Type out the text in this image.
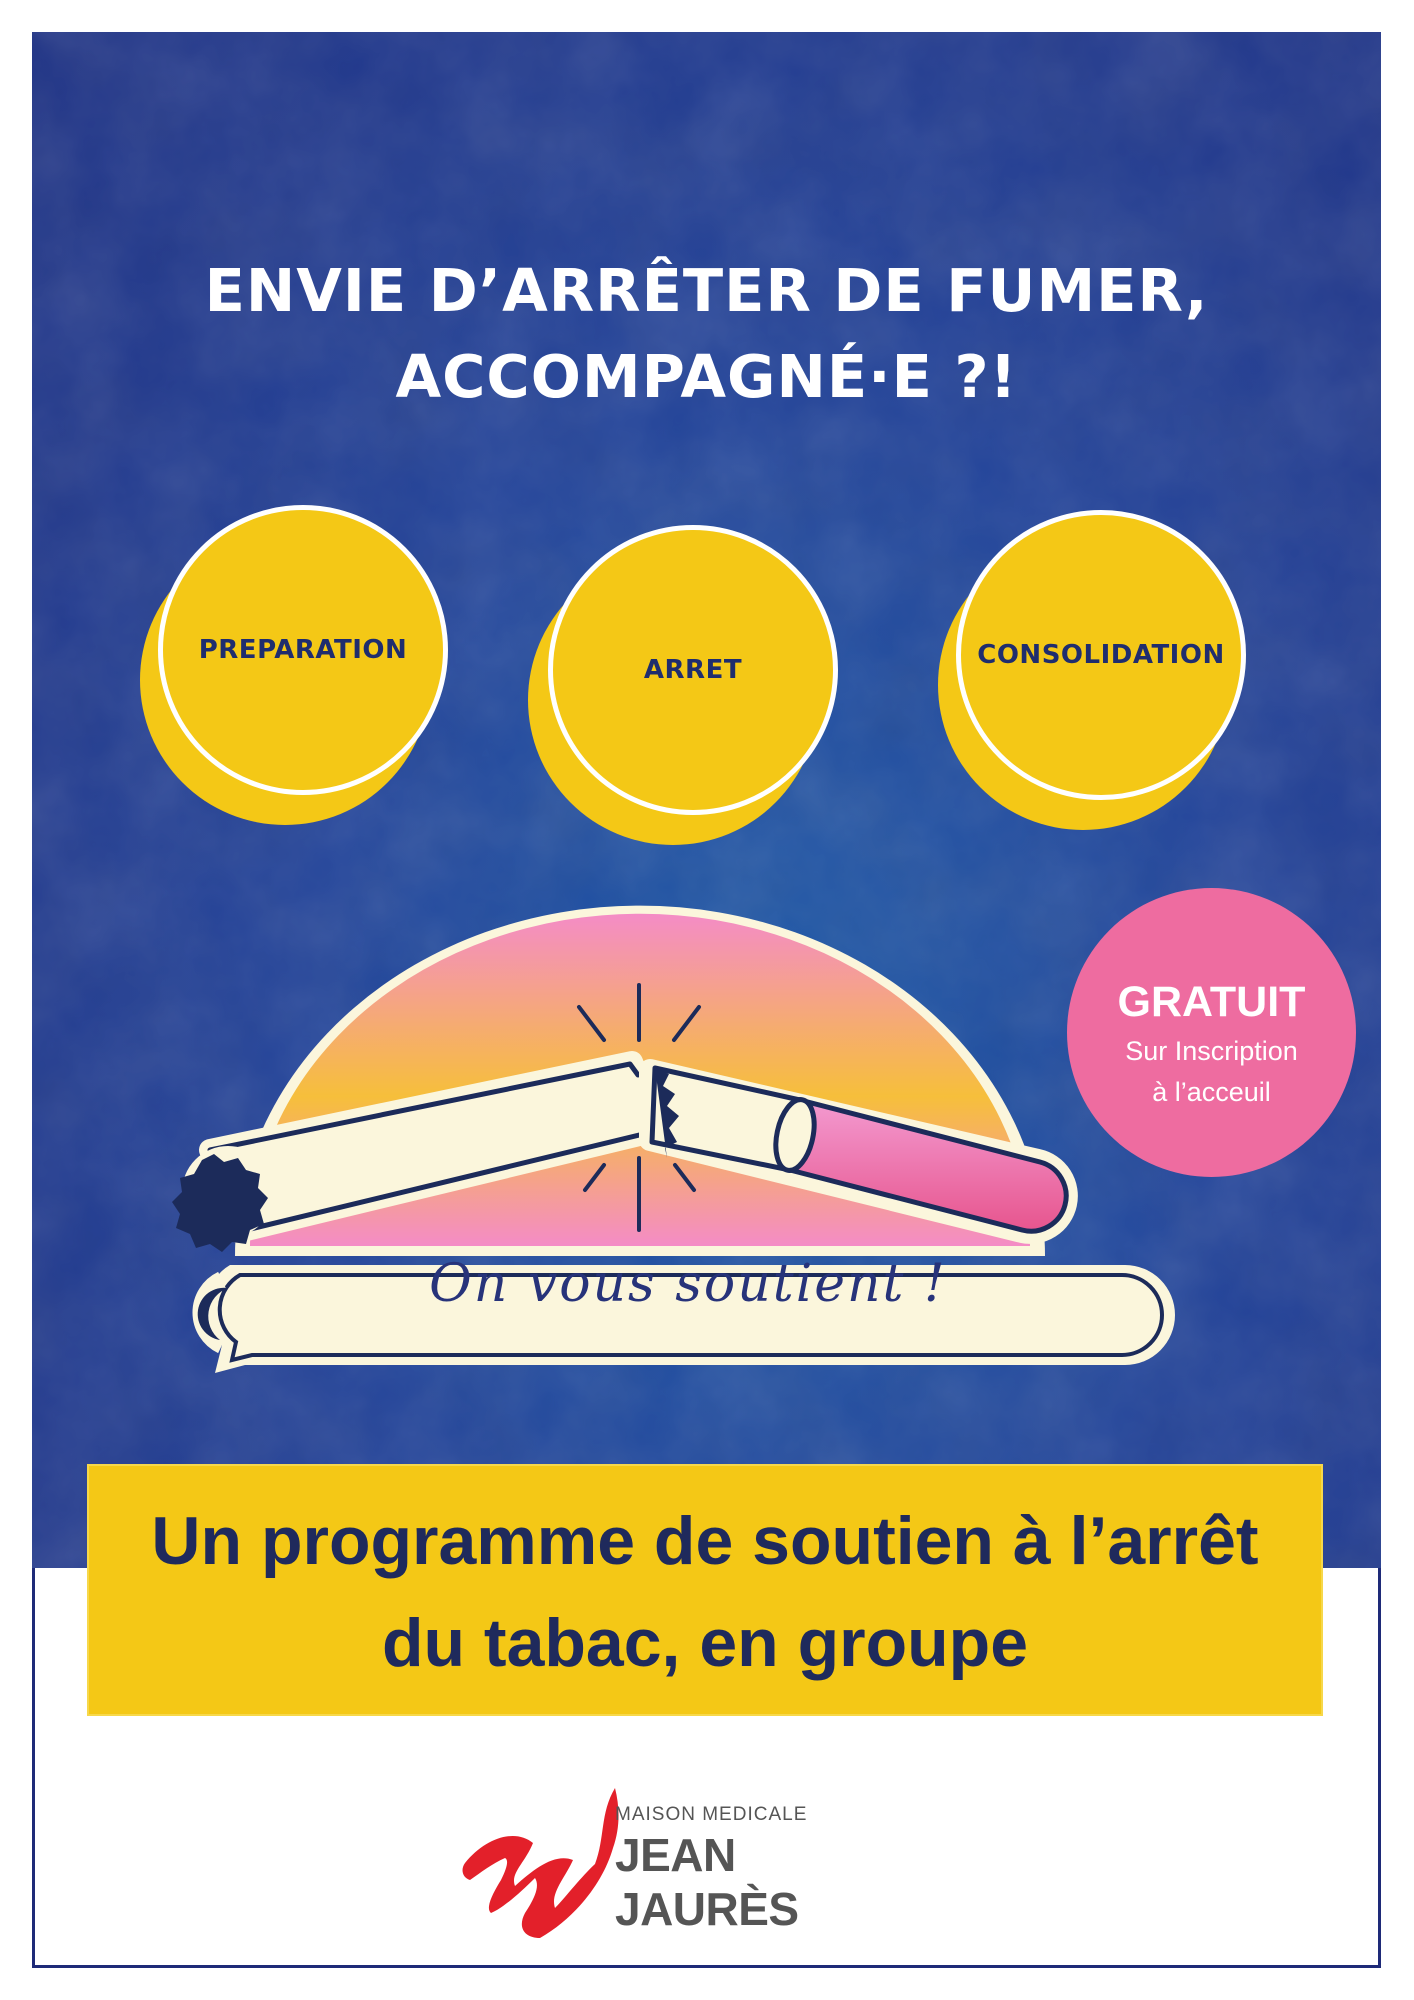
ENVIE D’ARRÊTER DE FUMER,
ACCOMPAGNÉ·E ?!
PREPARATION
ARRET	CONSOLIDATION
On vous soutient !
GRATUIT
Sur Inscription
à l’acceuil

Un programme de soutien à l’arrêt
du tabac, en groupe

MAISON MEDICALE
JEAN JAURÈS
